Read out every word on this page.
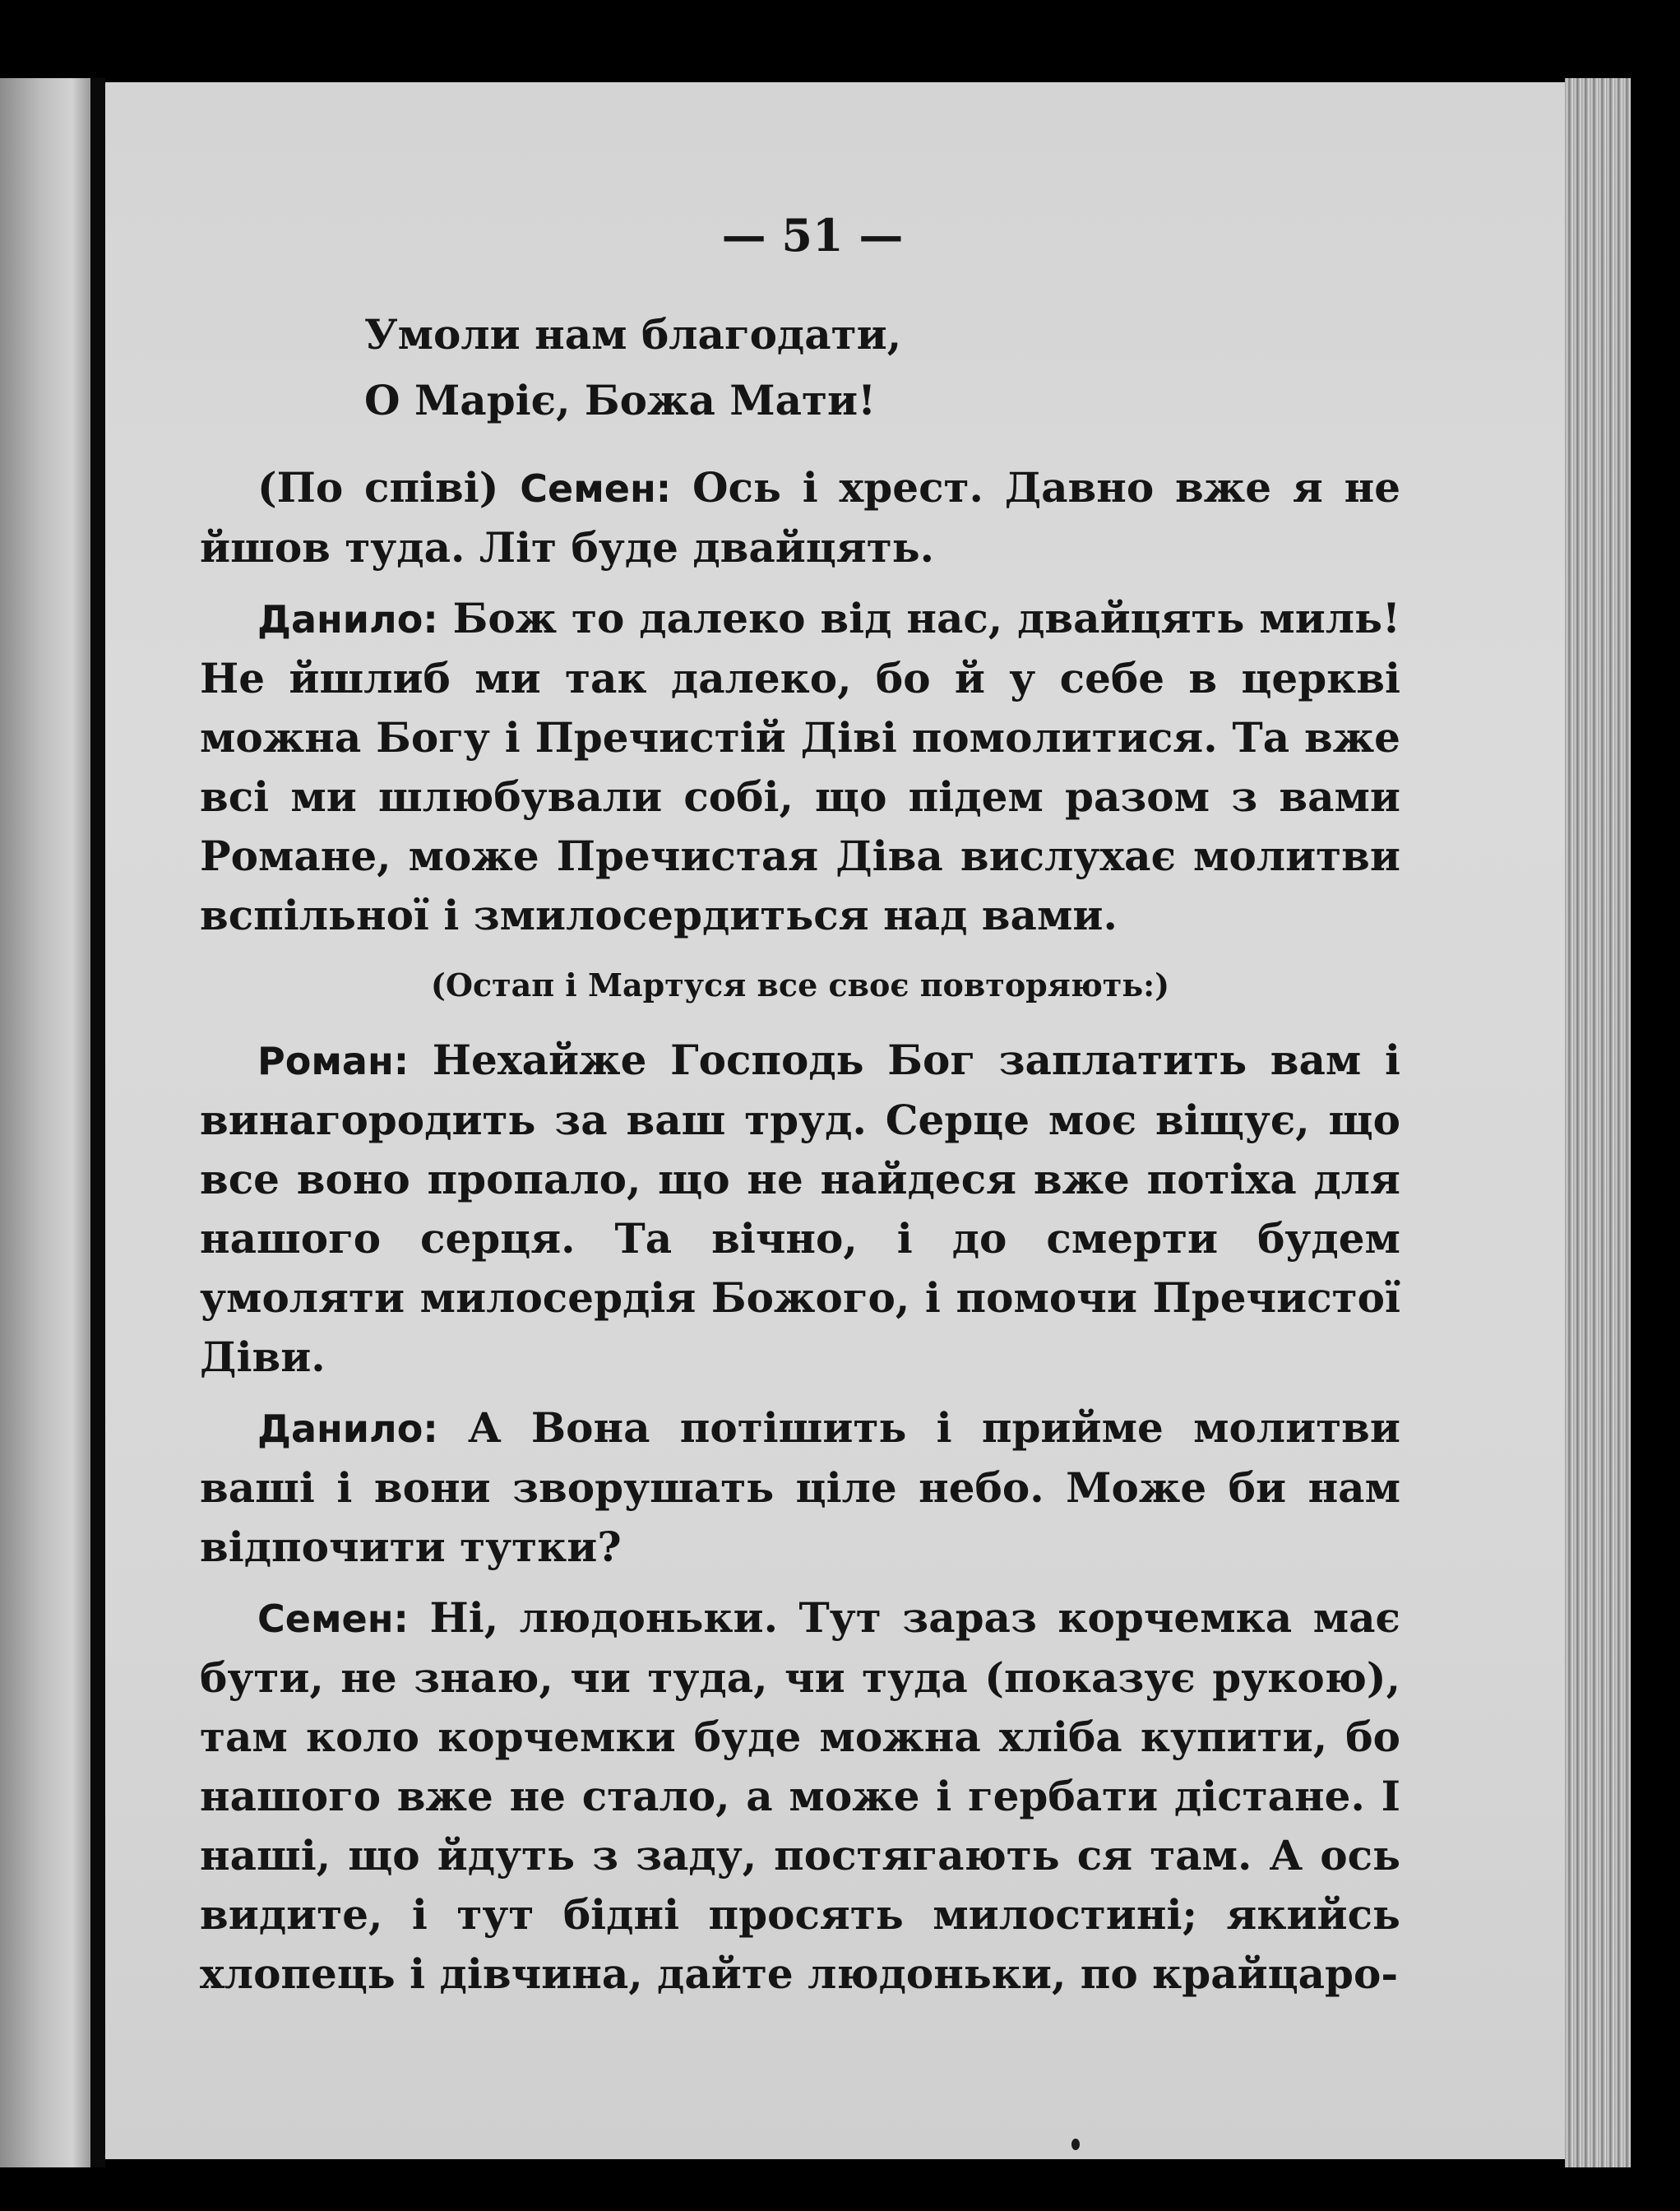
— 51 —
Умоли нам благодати,
О Маріє, Божа Мати!

(По співі) Семен: Ось і хрест. Давно вже я не йшов туда. Літ буде двайцять.

Данило: Бож то далеко від нас, двайцять миль! Не йшлиб ми так далеко, бо й у себе в церкві можна Богу і Пречистій Діві помолитися. Та вже всі ми шлюбували собі, що підем разом з вами Романе, може Пречистая Діва вислухає молитви вспільної і змилосердиться над вами.

(Остап і Мартуся все своє повторяють:)

Роман: Нехайже Господь Бог заплатить вам і винагородить за ваш труд. Серце моє віщує, що все воно пропало, що не найдеся вже потіха для нашого серця. Та вічно, і до смерти будем умоляти милосердія Божого, і помочи Пречистої Діви.

Данило: А Вона потішить і прийме молитви ваші і вони зворушать ціле небо. Може би нам відпочити тутки?

Семен: Ні, людоньки. Тут зараз корчемка має бути, не знаю, чи туда, чи туда (показує рукою), там коло корчемки буде можна хліба купити, бо нашого вже не стало, а може і гербати дістане. І наші, що йдуть з заду, постягають ся там. А ось видите, і тут бідні просять милостині; якийсь хлопець і дівчина, дайте людоньки, по крайцаро-
